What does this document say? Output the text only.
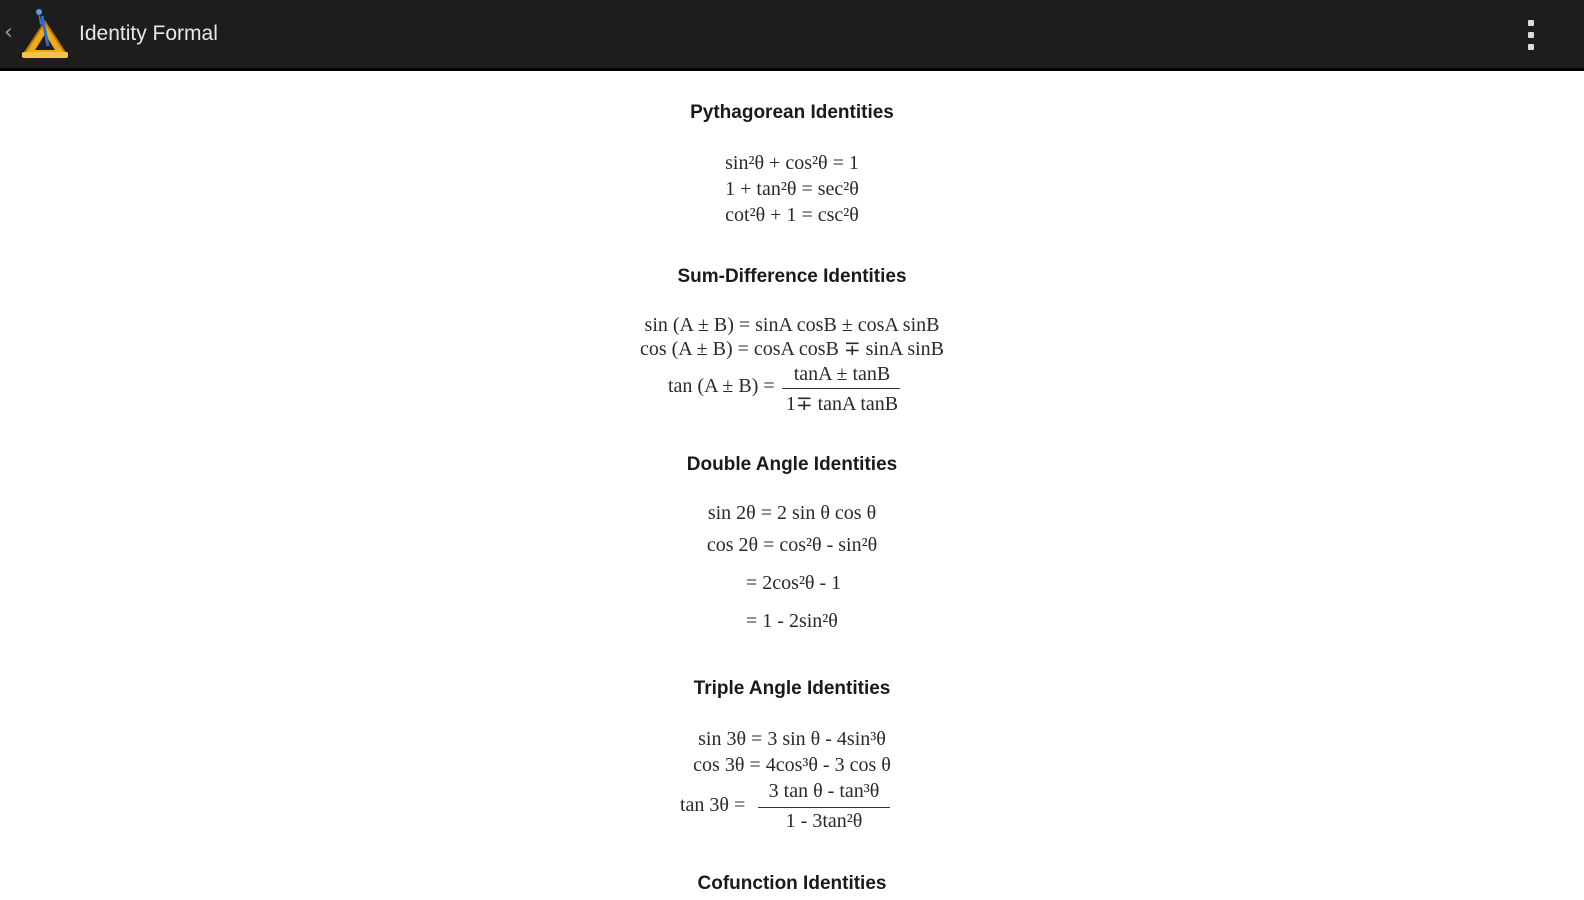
‹	Identity Formal
Pythagorean Identities
sin²θ + cos²θ = 1
1 + tan²θ = sec²θ
cot²θ + 1 = csc²θ
Sum-Difference Identities
sin (A ± B) = sinA cosB ± cosA sinB
cos (A ± B) = cosA cosB ∓ sinA sinB
tan (A ± B) =
tanA ± tanB
1∓ tanA tanB
Double Angle Identities
sin 2θ = 2 sin θ cos θ
cos 2θ = cos²θ - sin²θ
= 2cos²θ - 1
= 1 - 2sin²θ
Triple Angle Identities
sin 3θ = 3 sin θ - 4sin³θ
cos 3θ = 4cos³θ - 3 cos θ
tan 3θ =
3 tan θ - tan³θ
1 - 3tan²θ
Cofunction Identities
